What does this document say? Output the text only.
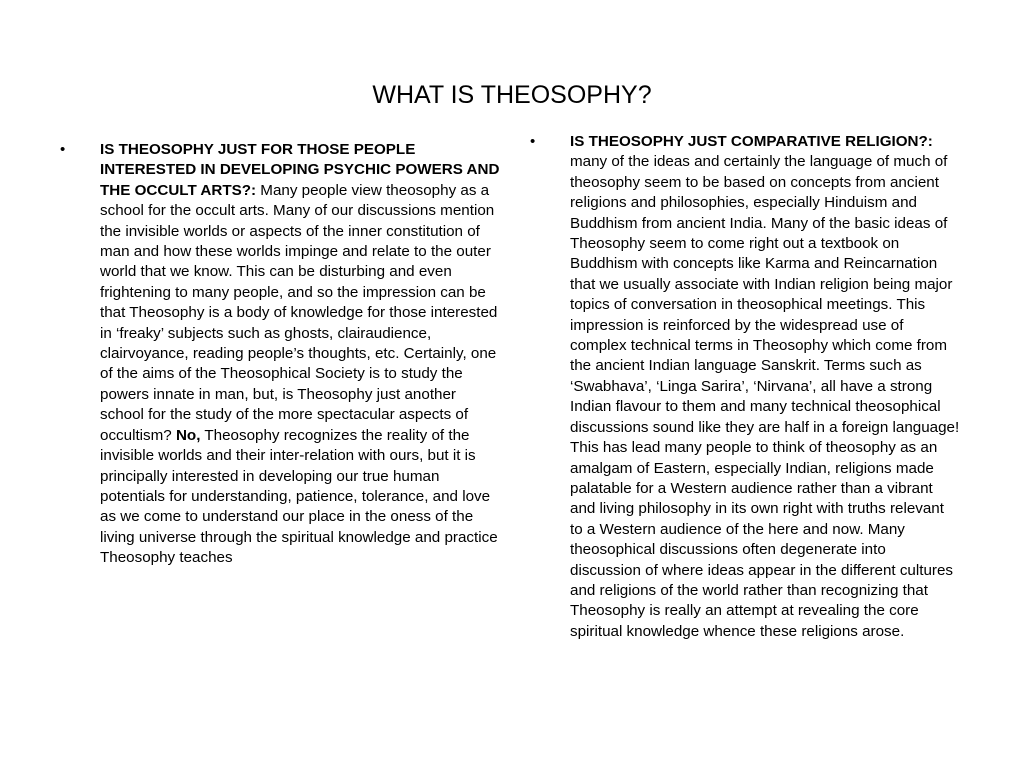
WHAT IS THEOSOPHY?
•	IS THEOSOPHY JUST FOR THOSE PEOPLE INTERESTED IN DEVELOPING PSYCHIC POWERS AND THE OCCULT ARTS?: Many people view theosophy as a school for the occult arts. Many of our discussions mention the invisible worlds or aspects of the inner constitution of man and how these worlds impinge and relate to the outer world that we know. This can be disturbing and even frightening to many people, and so the impression can be that Theosophy is a body of knowledge for those interested in ‘freaky’ subjects such as ghosts, clairaudience, clairvoyance, reading people’s thoughts, etc. Certainly, one of the aims of the Theosophical Society is to study the powers innate in man, but, is Theosophy just another school for the study of the more spectacular aspects of occultism? No, Theosophy recognizes the reality of the invisible worlds and their inter-relation with ours, but it is principally interested in developing our true human potentials for understanding, patience, tolerance, and love as we come to understand our place in the oness of the living universe through the spiritual knowledge and practice Theosophy teaches

•	IS THEOSOPHY JUST COMPARATIVE RELIGION?: many of the ideas and certainly the language of much of theosophy seem to be based on concepts from ancient religions and philosophies, especially Hinduism and Buddhism from ancient India. Many of the basic ideas of Theosophy seem to come right out a textbook on Buddhism with concepts like Karma and Reincarnation that we usually associate with Indian religion being major topics of conversation in theosophical meetings. This impression is reinforced by the widespread use of complex technical terms in Theosophy which come from the ancient Indian language Sanskrit. Terms such as ‘Swabhava’, ‘Linga Sarira’, ‘Nirvana’, all have a strong Indian flavour to them and many technical theosophical discussions sound like they are half in a foreign language! This has lead many people to think of theosophy as an amalgam of Eastern, especially Indian, religions made palatable for a Western audience rather than a vibrant and living philosophy in its own right with truths relevant to a Western audience of the here and now. Many theosophical discussions often degenerate into discussion of where ideas appear in the different cultures and religions of the world rather than recognizing that Theosophy is really an attempt at revealing the core spiritual knowledge whence these religions arose.
